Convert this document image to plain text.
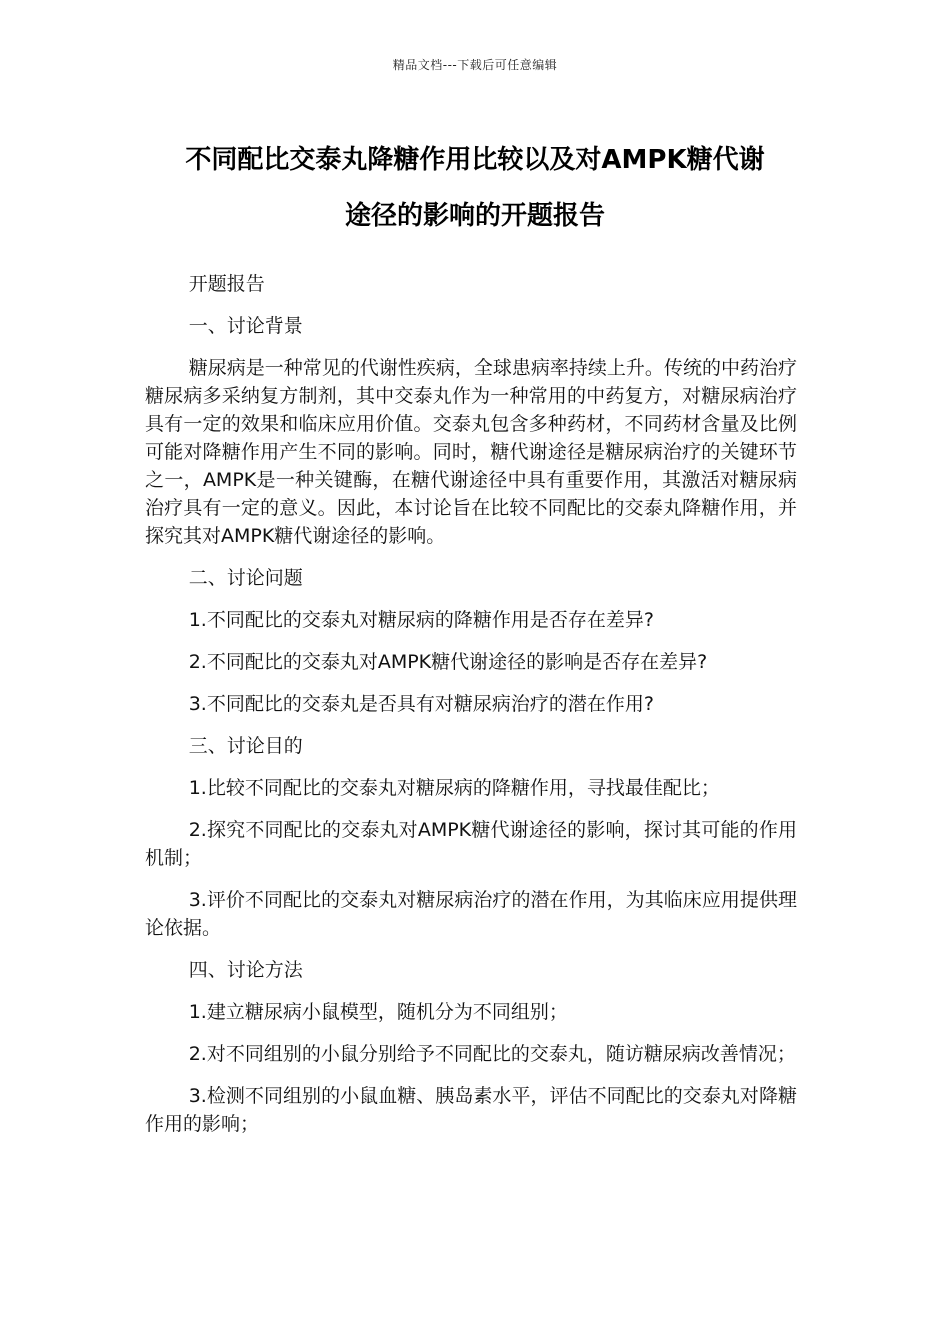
精品文档---下载后可任意编辑
不同配比交泰丸降糖作用比较以及对AMPK糖代谢
途径的影响的开题报告

开题报告

一、讨论背景

糖尿病是一种常见的代谢性疾病，全球患病率持续上升。传统的中药治疗糖尿病多采纳复方制剂，其中交泰丸作为一种常用的中药复方，对糖尿病治疗具有一定的效果和临床应用价值。交泰丸包含多种药材，不同药材含量及比例可能对降糖作用产生不同的影响。同时，糖代谢途径是糖尿病治疗的关键环节之一，AMPK是一种关键酶，在糖代谢途径中具有重要作用，其激活对糖尿病治疗具有一定的意义。因此，本讨论旨在比较不同配比的交泰丸降糖作用，并探究其对AMPK糖代谢途径的影响。

二、讨论问题

1.不同配比的交泰丸对糖尿病的降糖作用是否存在差异?

2.不同配比的交泰丸对AMPK糖代谢途径的影响是否存在差异?

3.不同配比的交泰丸是否具有对糖尿病治疗的潜在作用?

三、讨论目的

1.比较不同配比的交泰丸对糖尿病的降糖作用，寻找最佳配比；

2.探究不同配比的交泰丸对AMPK糖代谢途径的影响，探讨其可能的作用机制；

3.评价不同配比的交泰丸对糖尿病治疗的潜在作用，为其临床应用提供理论依据。

四、讨论方法

1.建立糖尿病小鼠模型，随机分为不同组别；

2.对不同组别的小鼠分别给予不同配比的交泰丸，随访糖尿病改善情况；

3.检测不同组别的小鼠血糖、胰岛素水平，评估不同配比的交泰丸对降糖作用的影响；
